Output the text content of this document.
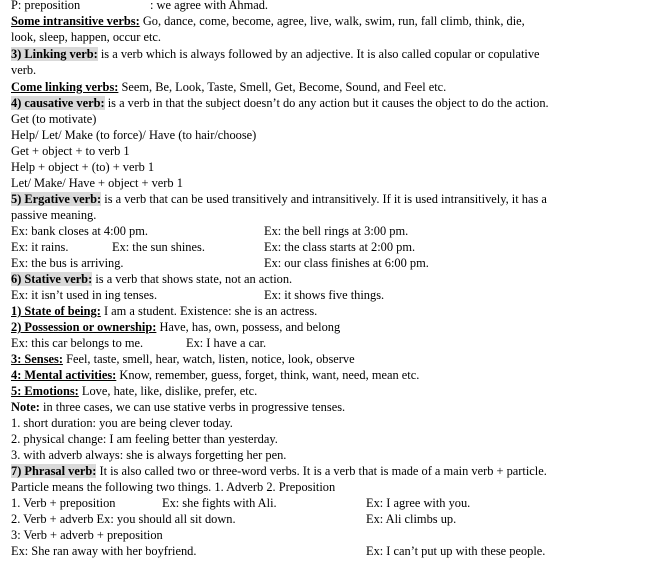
P: preposition	: we agree with Ahmad.
Some intransitive verbs: Go, dance, come, become, agree, live, walk, swim, run, fall climb, think, die,
look, sleep, happen, occur etc.
3) Linking verb: is a verb which is always followed by an adjective. It is also called copular or copulative
verb.
Come linking verbs: Seem, Be, Look, Taste, Smell, Get, Become, Sound, and Feel etc.
4) causative verb: is a verb in that the subject doesn’t do any action but it causes the object to do the action.
Get (to motivate)
Help/ Let/ Make (to force)/ Have (to hair/choose)
Get + object + to verb 1
Help + object + (to) + verb 1
Let/ Make/ Have + object + verb 1
5) Ergative verb: is a verb that can be used transitively and intransitively. If it is used intransitively, it has a
passive meaning.
Ex: bank closes at 4:00 pm.	Ex: the bell rings at 3:00 pm.
Ex: it rains.	Ex: the sun shines.	Ex: the class starts at 2:00 pm.
Ex: the bus is arriving.	Ex: our class finishes at 6:00 pm.
6) Stative verb: is a verb that shows state, not an action.
Ex: it isn’t used in ing tenses.	Ex: it shows five things.
1) State of being: I am a student. Existence: she is an actress.
2) Possession or ownership: Have, has, own, possess, and belong
Ex: this car belongs to me.	Ex: I have a car.
3: Senses: Feel, taste, smell, hear, watch, listen, notice, look, observe
4: Mental activities: Know, remember, guess, forget, think, want, need, mean etc.
5: Emotions: Love, hate, like, dislike, prefer, etc.
Note: in three cases, we can use stative verbs in progressive tenses.
1. short duration: you are being clever today.
2. physical change: I am feeling better than yesterday.
3. with adverb always: she is always forgetting her pen.
7) Phrasal verb: It is also called two or three-word verbs. It is a verb that is made of a main verb + particle.
Particle means the following two things. 1. Adverb 2. Preposition
1. Verb + preposition	Ex: she fights with Ali.	Ex: I agree with you.
2. Verb + adverb Ex: you should all sit down.	Ex: Ali climbs up.
3: Verb + adverb + preposition
Ex: She ran away with her boyfriend.	Ex: I can’t put up with these people.
